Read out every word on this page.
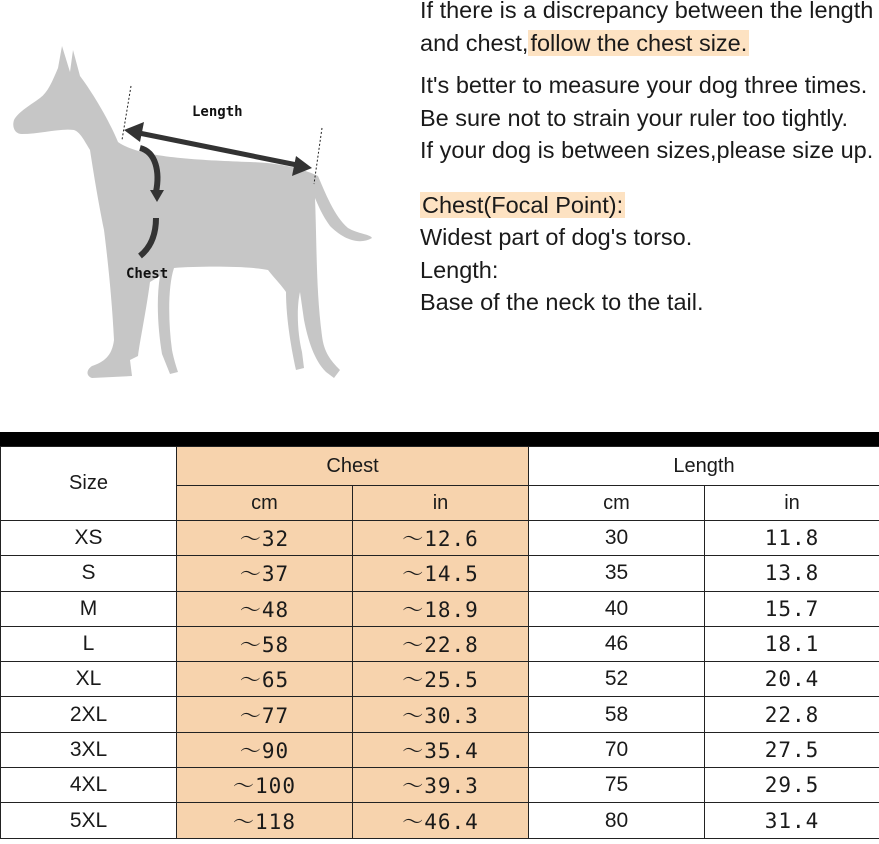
Length
Chest

If there is a discrepancy between the length and chest,follow the chest size.

It's better to measure your dog three times.

Be sure not to strain your ruler too tightly.

If your dog is between sizes,please size up.

Chest(Focal Point):

Widest part of dog's torso.

Length:

Base of the neck to the tail.

Size	Chest		Length	
	cm	in	cm	in
XS	～32	～12.6	30	11.8
S	～37	～14.5	35	13.8
M	～48	～18.9	40	15.7
L	～58	～22.8	46	18.1
XL	～65	～25.5	52	20.4
2XL	～77	～30.3	58	22.8
3XL	～90	～35.4	70	27.5
4XL	～100	～39.3	75	29.5
5XL	～118	～46.4	80	31.4
